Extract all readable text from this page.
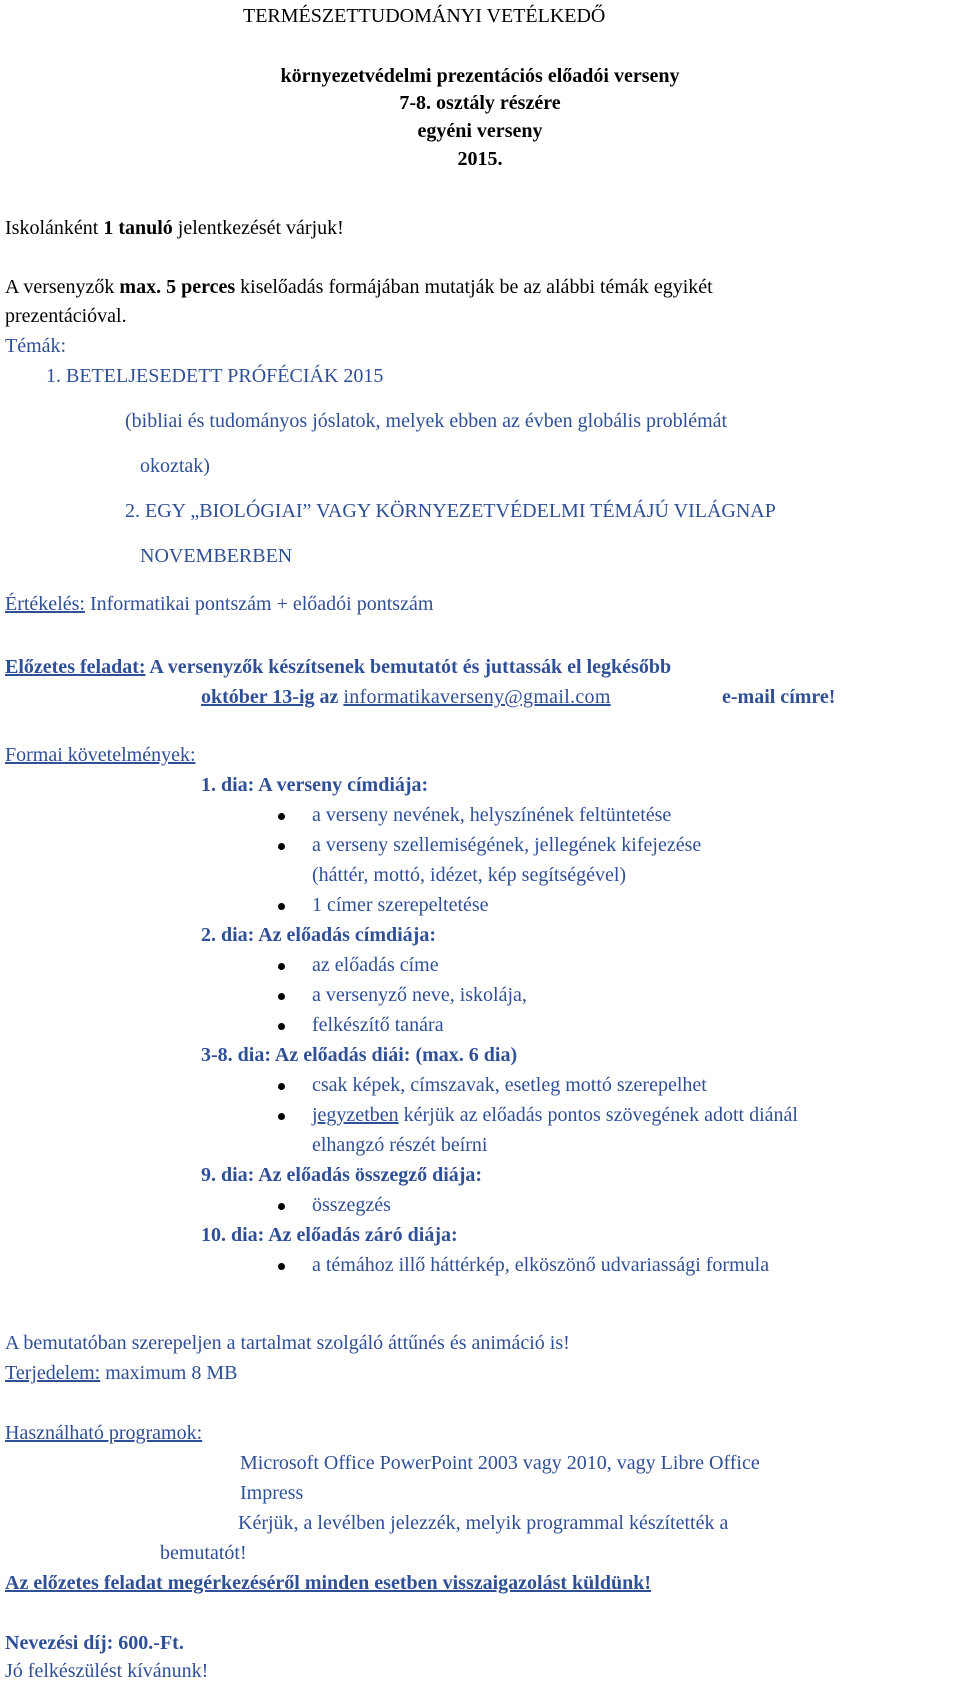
TERMÉSZETTUDOMÁNYI VETÉLKEDŐ
környezetvédelmi prezentációs előadói verseny
7-8. osztály részére
egyéni verseny
2015.
Iskolánként 1 tanuló jelentkezését várjuk!
A versenyzők max. 5 perces kiselőadás formájában mutatják be az alábbi témák egyikét
prezentációval.
Témák:
1. BETELJESEDETT PRÓFÉCIÁK 2015
(bibliai és tudományos jóslatok, melyek ebben az évben globális problémát
okoztak)
2. EGY „BIOLÓGIAI” VAGY KÖRNYEZETVÉDELMI TÉMÁJÚ VILÁGNAP
NOVEMBERBEN
Értékelés: Informatikai pontszám + előadói pontszám
Előzetes feladat: A versenyzők készítsenek bemutatót és juttassák el legkésőbb
október 13-ig az informatikaverseny@gmail.com	e-mail címre!
Formai követelmények:
1. dia: A verseny címdiája:
a verseny nevének, helyszínének feltüntetése
a verseny szellemiségének, jellegének kifejezése
(háttér, mottó, idézet, kép segítségével)
1 címer szerepeltetése
2. dia: Az előadás címdiája:
az előadás címe
a versenyző neve, iskolája,
felkészítő tanára
3-8. dia: Az előadás diái: (max. 6 dia)
csak képek, címszavak, esetleg mottó szerepelhet
jegyzetben kérjük az előadás pontos szövegének adott diánál
elhangzó részét beírni
9. dia: Az előadás összegző diája:
összegzés
10. dia: Az előadás záró diája:
a témához illő háttérkép, elköszönő udvariassági formula
A bemutatóban szerepeljen a tartalmat szolgáló áttűnés és animáció is!
Terjedelem: maximum 8 MB
Használható programok:
Microsoft Office PowerPoint 2003 vagy 2010, vagy Libre Office
Impress
Kérjük, a levélben jelezzék, melyik programmal készítették a
bemutatót!
Az előzetes feladat megérkezéséről minden esetben visszaigazolást küldünk!
Nevezési díj: 600.-Ft.
Jó felkészülést kívánunk!
